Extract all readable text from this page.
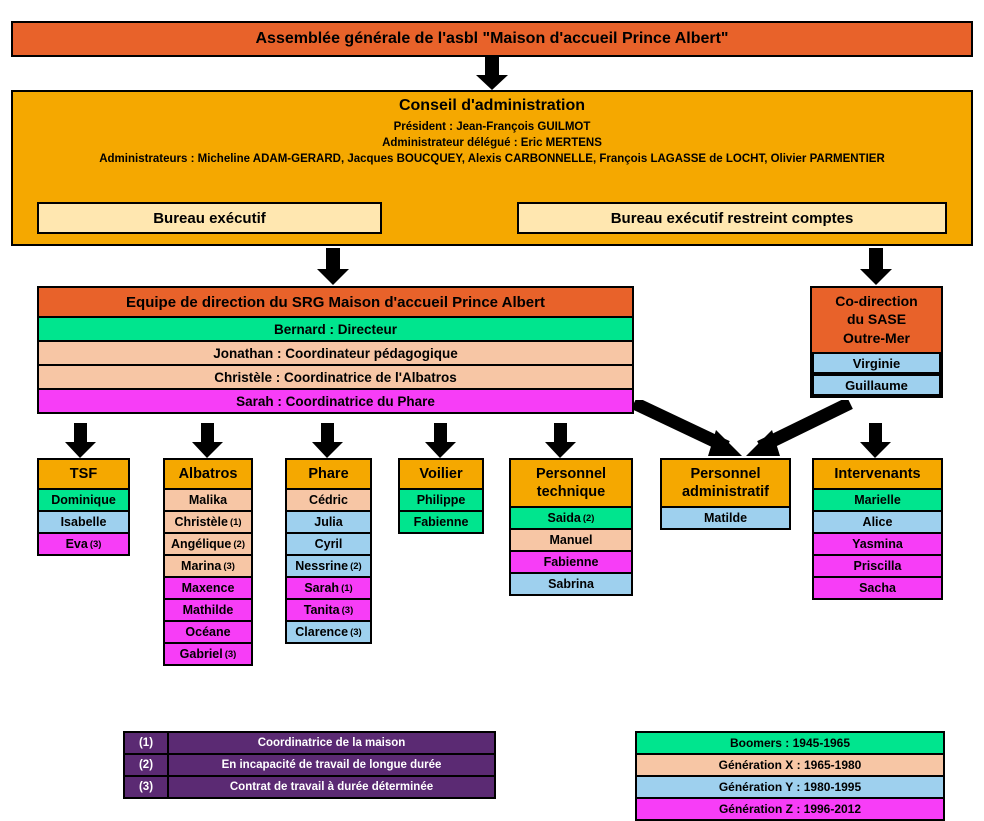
Assemblée générale de l'asbl "Maison d'accueil Prince Albert"
Conseil d'administration
Président : Jean-François GUILMOT
Administrateur délégué : Eric MERTENS
Administrateurs : Micheline ADAM-GERARD, Jacques BOUCQUEY, Alexis CARBONNELLE, François LAGASSE de LOCHT, Olivier PARMENTIER
Bureau exécutif	Bureau exécutif restreint comptes
Equipe de direction du SRG Maison d'accueil Prince Albert
Bernard : Directeur
Jonathan : Coordinateur pédagogique
Christèle : Coordinatrice de l'Albatros
Sarah : Coordinatrice du Phare
Co-direction
du SASE
Outre-Mer
Virginie
Guillaume
TSF
Dominique
Isabelle
Eva (3)
Albatros
Malika
Christèle (1)
Angélique (2)
Marina (3)
Maxence
Mathilde
Océane
Gabriel (3)
Phare
Cédric
Julia
Cyril
Nessrine (2)
Sarah (1)
Tanita (3)
Clarence (3)
Voilier
Philippe
Fabienne
Personnel
technique
Saida (2)
Manuel
Fabienne
Sabrina
Personnel
administratif
Matilde
Intervenants
Marielle
Alice
Yasmina
Priscilla
Sacha
(1)	Coordinatrice de la maison
(2)	En incapacité de travail de longue durée
(3)	Contrat de travail à durée déterminée
Boomers : 1945-1965
Génération X : 1965-1980
Génération Y : 1980-1995
Génération Z : 1996-2012
